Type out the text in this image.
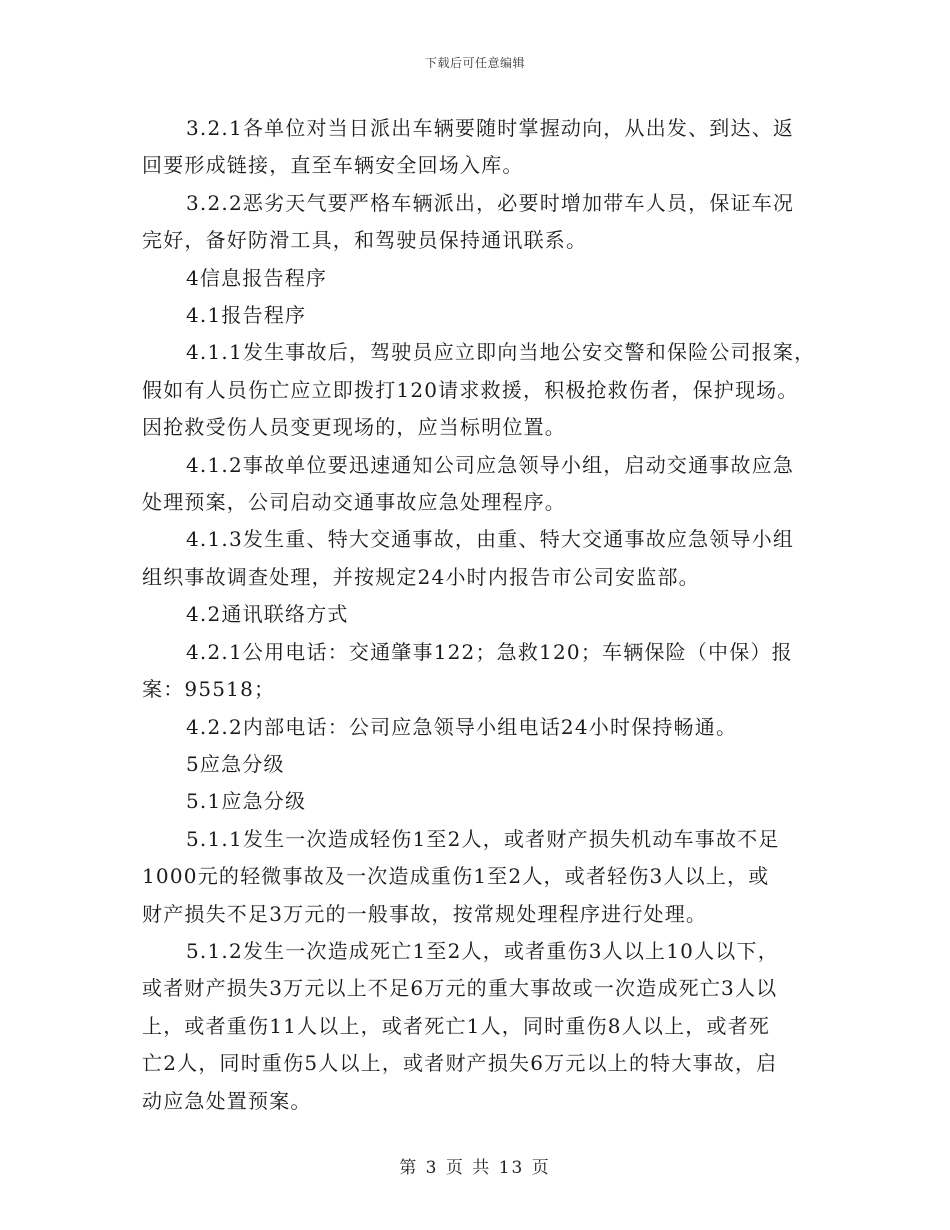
下载后可任意编辑

3.2.1各单位对当日派出车辆要随时掌握动向，从出发、到达、返
回要形成链接，直至车辆安全回场入库。

3.2.2恶劣天气要严格车辆派出，必要时增加带车人员，保证车况
完好，备好防滑工具，和驾驶员保持通讯联系。

4信息报告程序

4.1报告程序

4.1.1发生事故后，驾驶员应立即向当地公安交警和保险公司报案，
假如有人员伤亡应立即拨打120请求救援，积极抢救伤者，保护现场。
因抢救受伤人员变更现场的，应当标明位置。

4.1.2事故单位要迅速通知公司应急领导小组，启动交通事故应急
处理预案，公司启动交通事故应急处理程序。

4.1.3发生重、特大交通事故，由重、特大交通事故应急领导小组
组织事故调查处理，并按规定24小时内报告市公司安监部。

4.2通讯联络方式

4.2.1公用电话：交通肇事122；急救120；车辆保险（中保）报
案：95518；

4.2.2内部电话：公司应急领导小组电话24小时保持畅通。

5应急分级

5.1应急分级

5.1.1发生一次造成轻伤1至2人，或者财产损失机动车事故不足
1000元的轻微事故及一次造成重伤1至2人，或者轻伤3人以上，或
财产损失不足3万元的一般事故，按常规处理程序进行处理。

5.1.2发生一次造成死亡1至2人，或者重伤3人以上10人以下，
或者财产损失3万元以上不足6万元的重大事故或一次造成死亡3人以
上，或者重伤11人以上，或者死亡1人，同时重伤8人以上，或者死
亡2人，同时重伤5人以上，或者财产损失6万元以上的特大事故，启
动应急处置预案。

第 3 页 共 13 页
